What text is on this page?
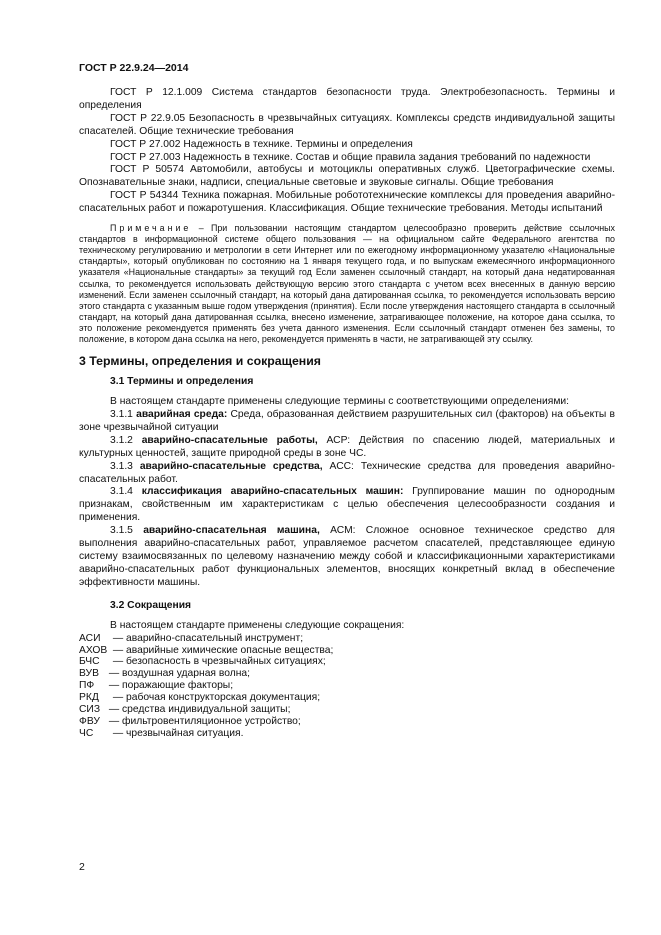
ГОСТ Р 22.9.24—2014

ГОСТ Р 12.1.009 Система стандартов безопасности труда. Электробезопасность. Термины и определения

ГОСТ Р 22.9.05 Безопасность в чрезвычайных ситуациях. Комплексы средств индивидуальной защиты спасателей. Общие технические требования

ГОСТ Р 27.002 Надежность в технике. Термины и определения

ГОСТ Р 27.003 Надежность в технике. Состав и общие правила задания требований по надежности

ГОСТ Р 50574 Автомобили, автобусы и мотоциклы оперативных служб. Цветографические схемы. Опознавательные знаки, надписи, специальные световые и звуковые сигналы. Общие требования

ГОСТ Р 54344 Техника пожарная. Мобильные робототехнические комплексы для проведения аварийно-спасательных работ и пожаротушения. Классификация. Общие технические требования. Методы испытаний

Примечание – При пользовании настоящим стандартом целесообразно проверить действие ссылочных стандартов в информационной системе общего пользования — на официальном сайте Федерального агентства по техническому регулированию и метрологии в сети Интернет или по ежегодному информационному указателю «Национальные стандарты», который опубликован по состоянию на 1 января текущего года, и по выпускам ежемесячного информационного указателя «Национальные стандарты» за текущий год Если заменен ссылочный стандарт, на который дана недатированная ссылка, то рекомендуется использовать действующую версию этого стандарта с учетом всех внесенных в данную версию изменений. Если заменен ссылочный стандарт, на который дана датированная ссылка, то рекомендуется использовать версию этого стандарта с указанным выше годом утверждения (принятия). Если после утверждения настоящего стандарта в ссылочный стандарт, на который дана датированная ссылка, внесено изменение, затрагивающее положение, на которое дана ссылка, то это положение рекомендуется применять без учета данного изменения. Если ссылочный стандарт отменен без замены, то положение, в котором дана ссылка на него, рекомендуется применять в части, не затрагивающей эту ссылку.

3 Термины, определения и сокращения
3.1 Термины и определения

В настоящем стандарте применены следующие термины с соответствующими определениями:

3.1.1 аварийная среда: Среда, образованная действием разрушительных сил (факторов) на объекты в зоне чрезвычайной ситуации

3.1.2 аварийно-спасательные работы, АСР: Действия по спасению людей, материальных и культурных ценностей, защите природной среды в зоне ЧС.

3.1.3 аварийно-спасательные средства, АСС: Технические средства для проведения аварийно-спасательных работ.

3.1.4 классификация аварийно-спасательных машин: Группирование машин по однородным признакам, свойственным им характеристикам с целью обеспечения целесообразности создания и применения.

3.1.5 аварийно-спасательная машина, АСМ: Сложное основное техническое средство для выполнения аварийно-спасательных работ, управляемое расчетом спасателей, представляющее единую систему взаимосвязанных по целевому назначению между собой и классификационными характеристиками аварийно-спасательных работ функциональных элементов, вносящих конкретный вклад в обеспечение эффективности машины.

3.2 Сокращения

В настоящем стандарте применены следующие сокращения:

АСИ — аварийно-спасательный инструмент;
АХОВ — аварийные химические опасные вещества;
БЧС — безопасность в чрезвычайных ситуациях;
ВУВ — воздушная ударная волна;
ПФ — поражающие факторы;
РКД — рабочая конструкторская документация;
СИЗ — средства индивидуальной защиты;
ФВУ — фильтровентиляционное устройство;
ЧС — чрезвычайная ситуация.
2
